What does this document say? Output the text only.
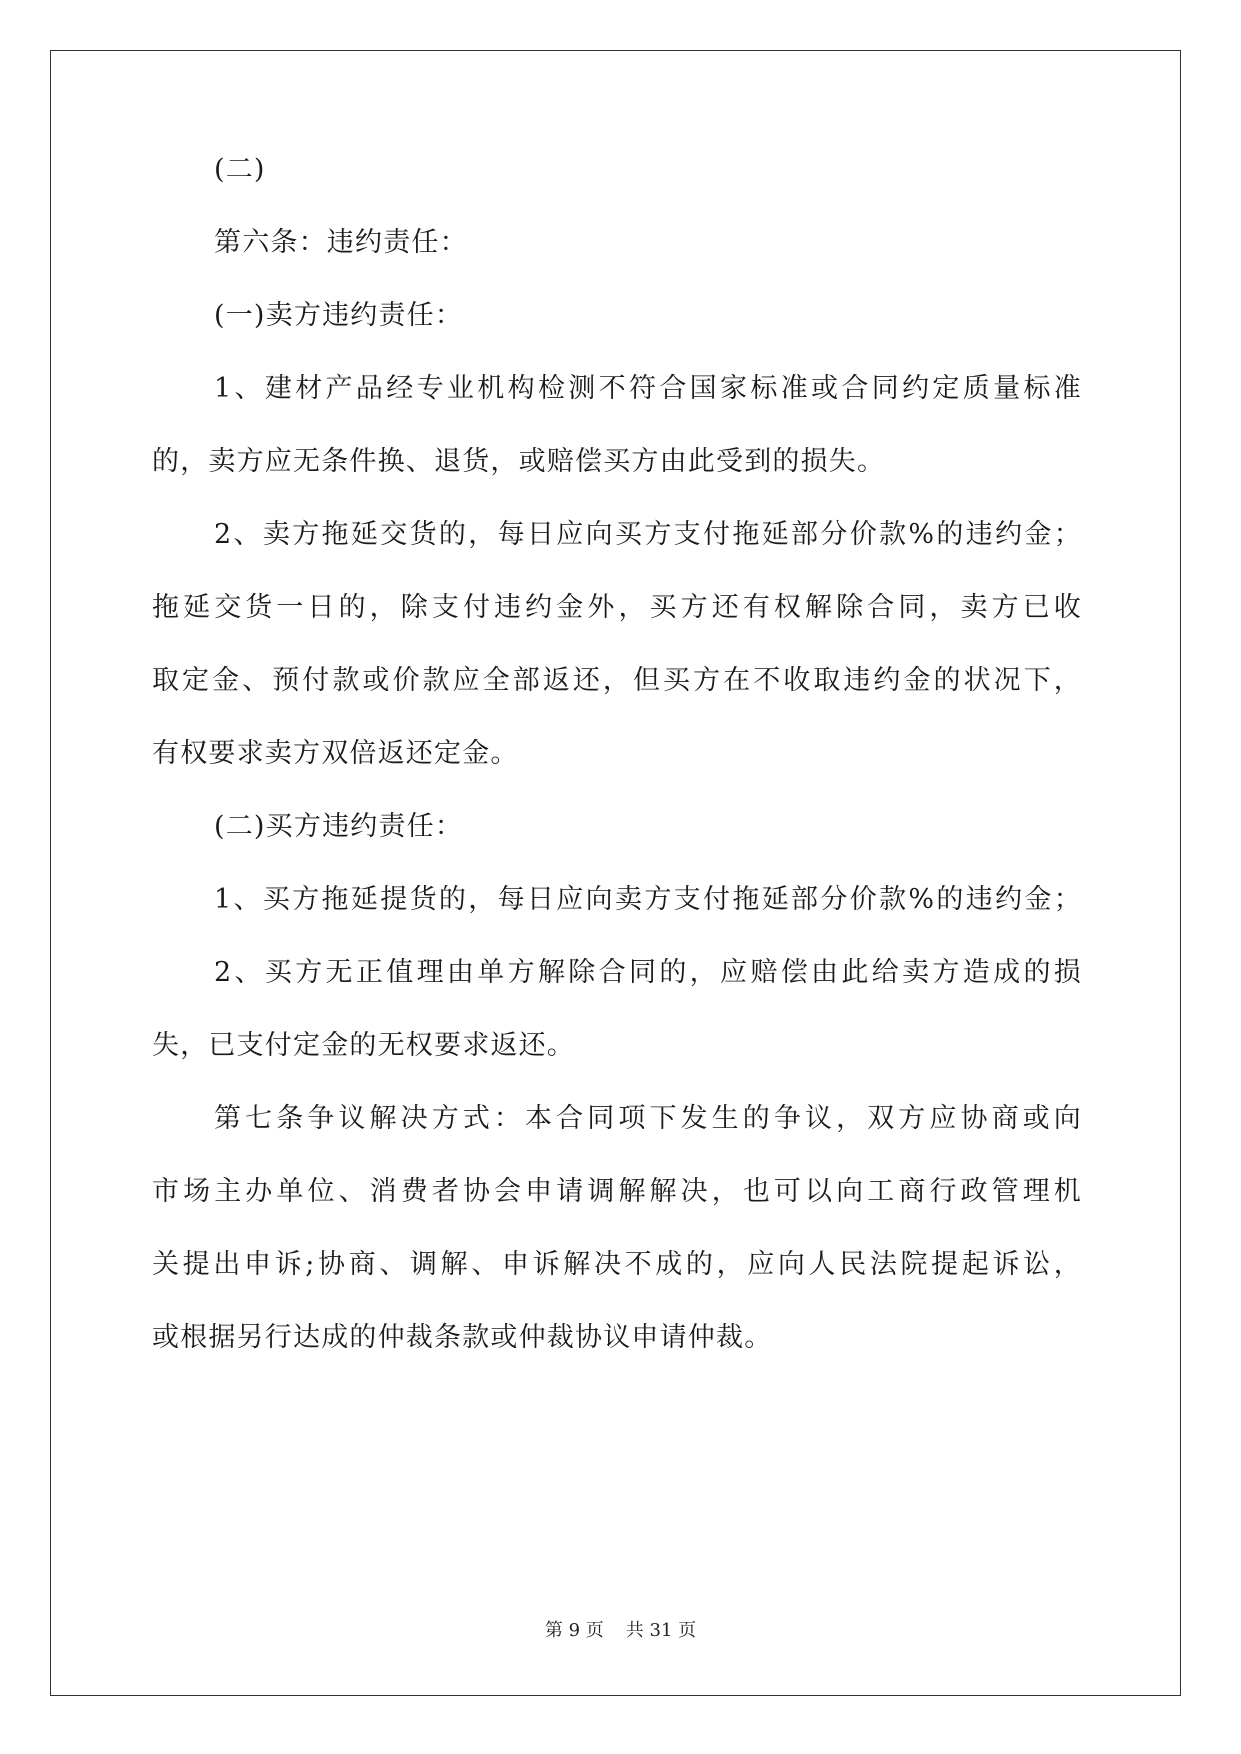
(二)
第六条：违约责任：
(一)卖方违约责任：
1、建材产品经专业机构检测不符合国家标准或合同约定质量标准
的，卖方应无条件换、退货，或赔偿买方由此受到的损失。
2、卖方拖延交货的，每日应向买方支付拖延部分价款%的违约金；
拖延交货一日的，除支付违约金外，买方还有权解除合同，卖方已收
取定金、预付款或价款应全部返还，但买方在不收取违约金的状况下，
有权要求卖方双倍返还定金。
(二)买方违约责任：
1、买方拖延提货的，每日应向卖方支付拖延部分价款%的违约金；
2、买方无正值理由单方解除合同的，应赔偿由此给卖方造成的损
失，已支付定金的无权要求返还。
第七条争议解决方式：本合同项下发生的争议，双方应协商或向
市场主办单位、消费者协会申请调解解决，也可以向工商行政管理机
关提出申诉;协商、调解、申诉解决不成的，应向人民法院提起诉讼，
或根据另行达成的仲裁条款或仲裁协议申请仲裁。
第 9 页 共 31 页
